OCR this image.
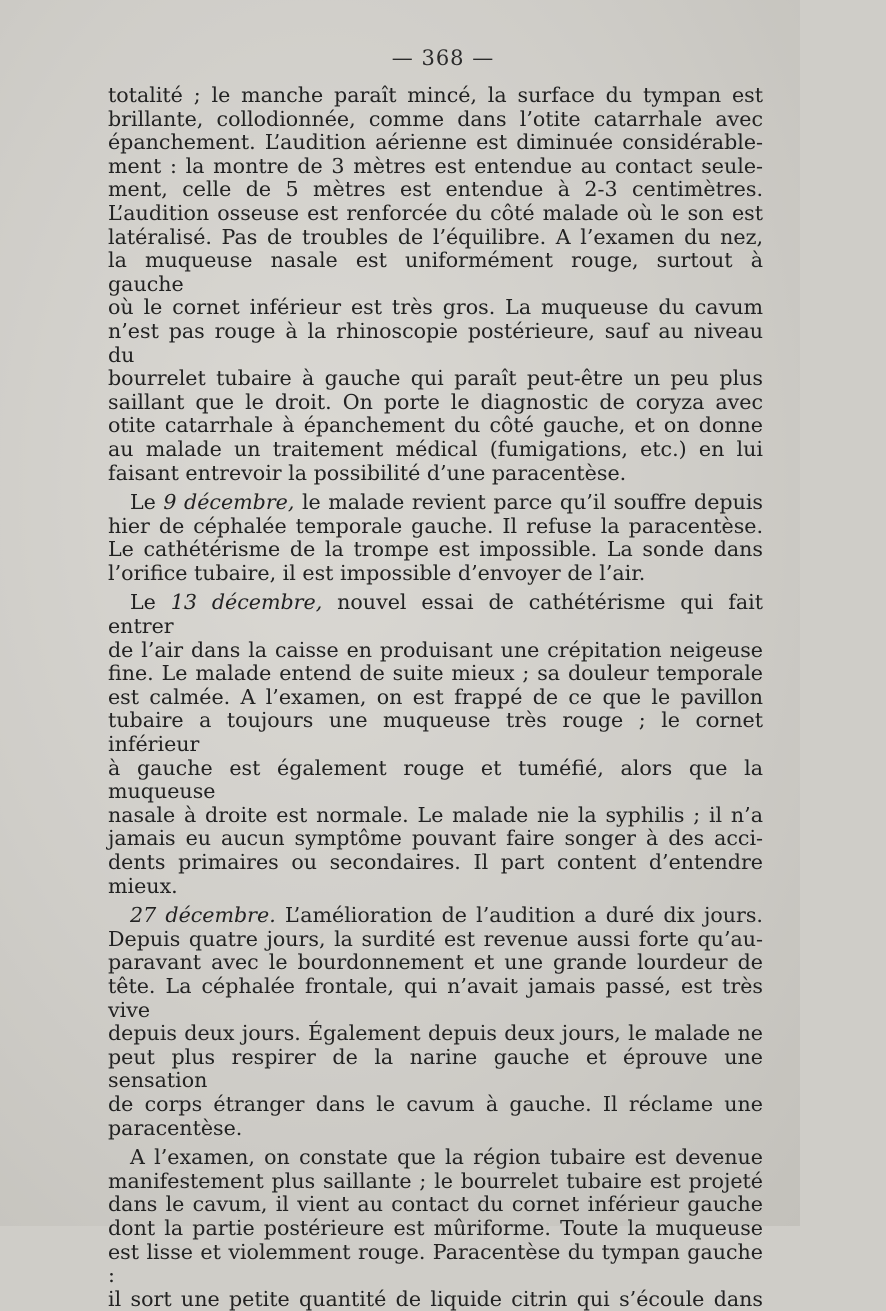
— 368 —

totalité ; le manche paraît mincé, la surface du tympan est

brillante, collodionnée, comme dans l’otite catarrhale avec

épanchement. L’audition aérienne est diminuée considérable-

ment : la montre de 3 mètres est entendue au contact seule-

ment, celle de 5 mètres est entendue à 2-3 centimètres.

L’audition osseuse est renforcée du côté malade où le son est

latéralisé. Pas de troubles de l’équilibre. A l’examen du nez,

la muqueuse nasale est uniformément rouge, surtout à gauche

où le cornet inférieur est très gros. La muqueuse du cavum

n’est pas rouge à la rhinoscopie postérieure, sauf au niveau du

bourrelet tubaire à gauche qui paraît peut-être un peu plus

saillant que le droit. On porte le diagnostic de coryza avec

otite catarrhale à épanchement du côté gauche, et on donne

au malade un traitement médical (fumigations, etc.) en lui

faisant entrevoir la possibilité d’une paracentèse.

Le 9 décembre, le malade revient parce qu’il souffre depuis

hier de céphalée temporale gauche. Il refuse la paracentèse.

Le cathétérisme de la trompe est impossible. La sonde dans

l’orifice tubaire, il est impossible d’envoyer de l’air.

Le 13 décembre, nouvel essai de cathétérisme qui fait entrer

de l’air dans la caisse en produisant une crépitation neigeuse

fine. Le malade entend de suite mieux ; sa douleur temporale

est calmée. A l’examen, on est frappé de ce que le pavillon

tubaire a toujours une muqueuse très rouge ; le cornet inférieur

à gauche est également rouge et tuméfié, alors que la muqueuse

nasale à droite est normale. Le malade nie la syphilis ; il n’a

jamais eu aucun symptôme pouvant faire songer à des acci-

dents primaires ou secondaires. Il part content d’entendre

mieux.

27 décembre. L’amélioration de l’audition a duré dix jours.

Depuis quatre jours, la surdité est revenue aussi forte qu’au-

paravant avec le bourdonnement et une grande lourdeur de

tête. La céphalée frontale, qui n’avait jamais passé, est très vive

depuis deux jours. Également depuis deux jours, le malade ne

peut plus respirer de la narine gauche et éprouve une sensation

de corps étranger dans le cavum à gauche. Il réclame une

paracentèse.

A l’examen, on constate que la région tubaire est devenue

manifestement plus saillante ; le bourrelet tubaire est projeté

dans le cavum, il vient au contact du cornet inférieur gauche

dont la partie postérieure est mûriforme. Toute la muqueuse

est lisse et violemment rouge. Paracentèse du tympan gauche :

il sort une petite quantité de liquide citrin qui s’écoule dans
